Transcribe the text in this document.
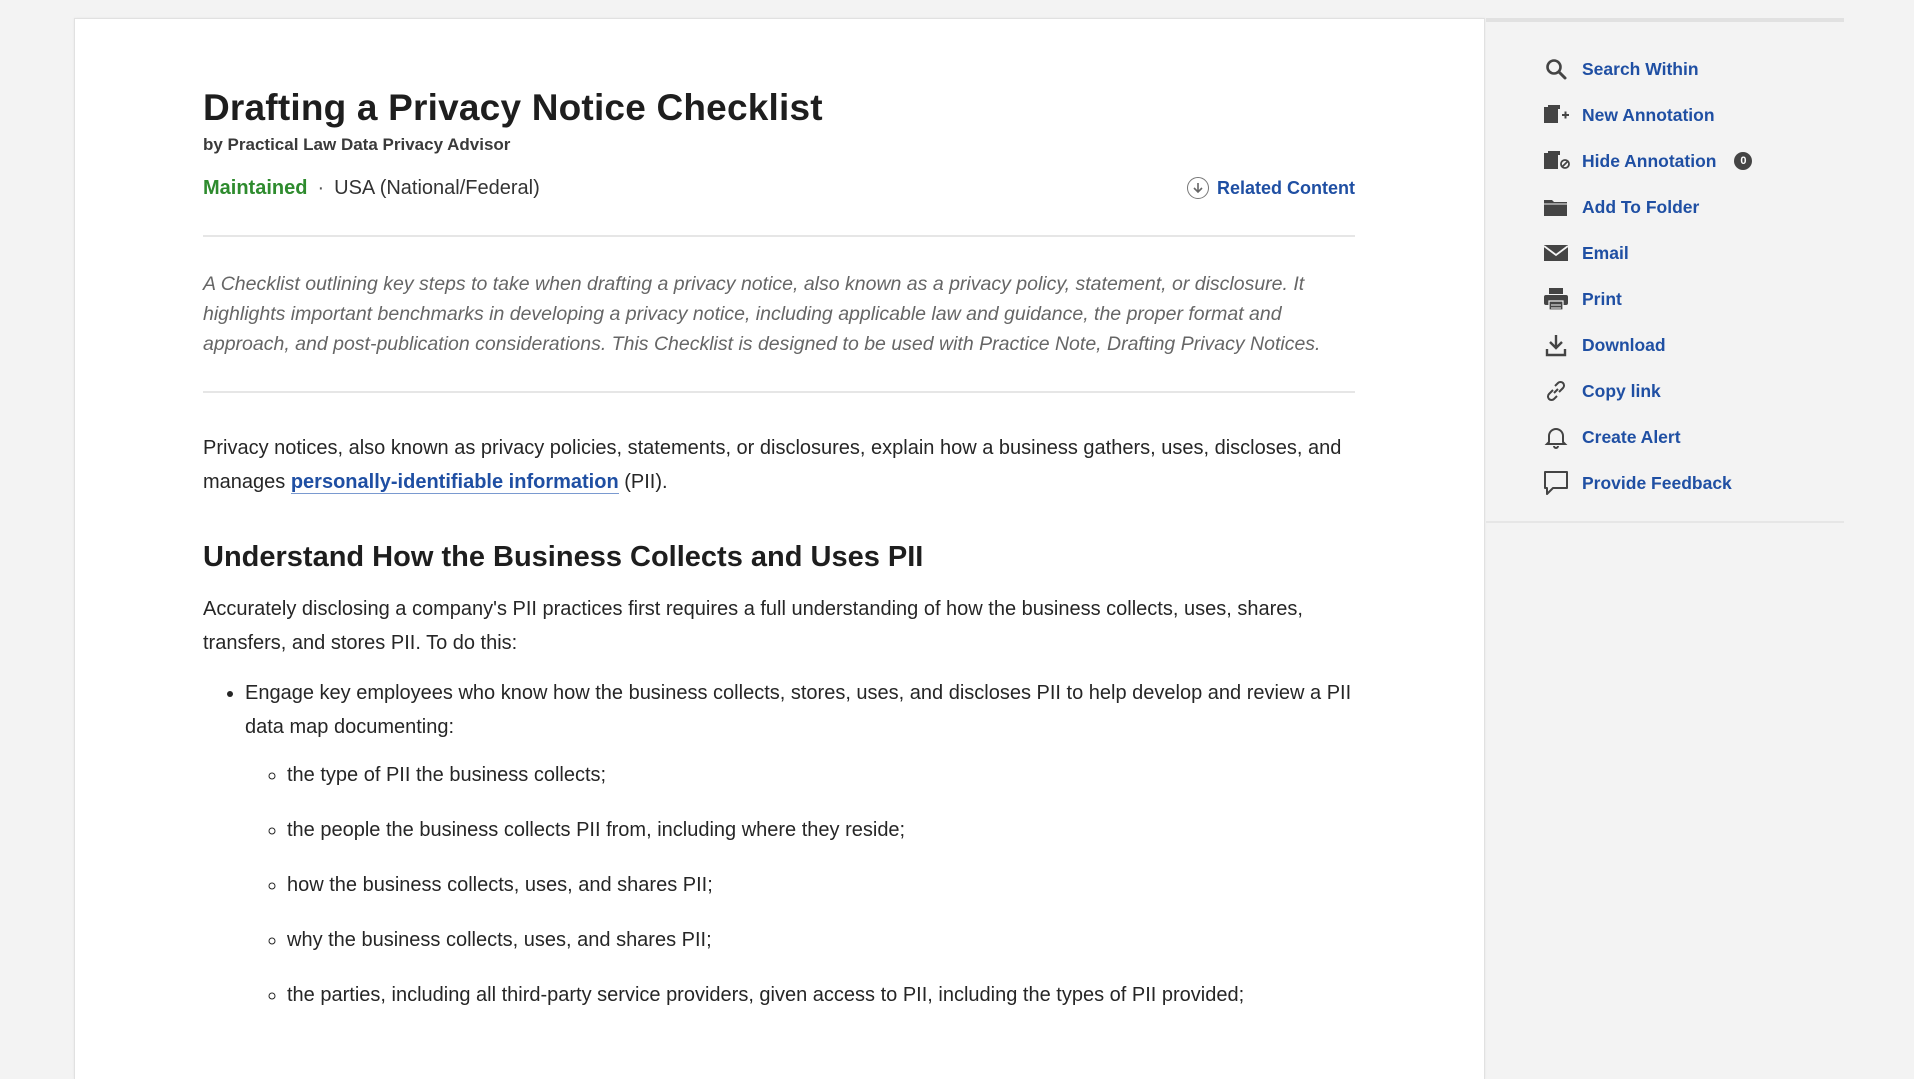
Drafting a Privacy Notice Checklist
by Practical Law Data Privacy Advisor
Maintained · USA (National/Federal)	Related Content
A Checklist outlining key steps to take when drafting a privacy notice, also known as a privacy policy, statement, or disclosure. It highlights important benchmarks in developing a privacy notice, including applicable law and guidance, the proper format and approach, and post-publication considerations. This Checklist is designed to be used with Practice Note, Drafting Privacy Notices.
Privacy notices, also known as privacy policies, statements, or disclosures, explain how a business gathers, uses, discloses, and manages personally-identifiable information (PII).
Understand How the Business Collects and Uses PII
Accurately disclosing a company's PII practices first requires a full understanding of how the business collects, uses, shares, transfers, and stores PII. To do this:
• Engage key employees who know how the business collects, stores, uses, and discloses PII to help develop and review a PII data map documenting:
◦ the type of PII the business collects;
◦ the people the business collects PII from, including where they reside;
◦ how the business collects, uses, and shares PII;
◦ why the business collects, uses, and shares PII;
◦ the parties, including all third-party service providers, given access to PII, including the types of PII provided;
Search Within
New Annotation
Hide Annotation	0
Add To Folder
Email
Print
Download
Copy link
Create Alert
Provide Feedback
